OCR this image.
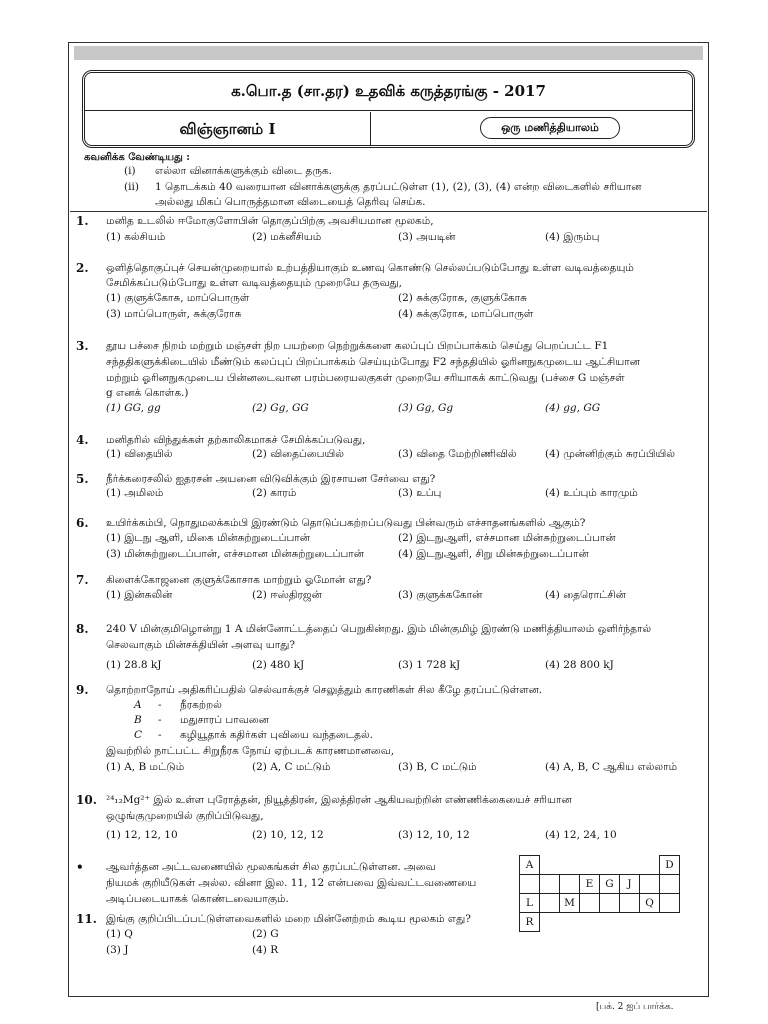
க.பொ.த (சா.தர) உதவிக் கருத்தரங்கு - 2017
விஞ்ஞானம் I	ஒரு மணித்தியாலம்
கவனிக்க வேண்டியது :
(i) எல்லா வினாக்களுக்கும் விடை தருக.
(ii) 1 தொடக்கம் 40 வரையான வினாக்களுக்கு தரப்பட்டுள்ள (1), (2), (3), (4) என்ற விடைகளில் சரியான
அல்லது மிகப் பொருத்தமான விடையைத் தெரிவு செய்க.
1. மனித உடலில் ஈமோகுளோபின் தொகுப்பிற்கு அவசியமான மூலகம்,
(1) கல்சியம்	(2) மக்னீசியம்	(3) அயடின்	(4) இரும்பு
2. ஒளித்தொகுப்புச் செயன்முறையால் உற்பத்தியாகும் உணவு கொண்டு செல்லப்படும்போது உள்ள வடிவத்தையும்
சேமிக்கப்படும்போது உள்ள வடிவத்தையும் முறையே தருவது,
(1) குளுக்கோசு, மாப்பொருள்	(2) சுக்குரோசு, குளுக்கோசு
(3) மாப்பொருள், சுக்குரோசு	(4) சுக்குரோசு, மாப்பொருள்
3. தூய பச்சை நிறம் மற்றும் மஞ்சள் நிற பயற்றை நெற்றுக்களை கலப்புப் பிறப்பாக்கம் செய்து பெறப்பட்ட F1
சந்ததிகளுக்கிடையில் மீண்டும் கலப்புப் பிறப்பாக்கம் செய்யும்போது F2 சந்ததியில் ஓரினநுகமுடைய ஆட்சியான
மற்றும் ஓரினநுகமுடைய பின்னடைவான பரம்பரையலகுகள் முறையே சரியாகக் காட்டுவது (பச்சை G மஞ்சள்
g எனக் கொள்க.)
(1) GG, gg	(2) Gg, GG	(3) Gg, Gg	(4) gg, GG
4. மனிதரில் விந்துக்கள் தற்காலிகமாகச் சேமிக்கப்படுவது,
(1) விதையில்	(2) விதைப்பையில்	(3) விதை மேற்றிணிவில்	(4) முன்னிற்கும் சுரப்பியில்
5. நீர்க்கரைசலில் ஐதரசன் அயனை விடுவிக்கும் இரசாயன சேர்வை எது?
(1) அமிலம்	(2) காரம்	(3) உப்பு	(4) உப்பும் காரமும்
6. உயிர்க்கம்பி, நொதுமலக்கம்பி இரண்டும் தொடுப்பகற்றப்படுவது பின்வரும் எச்சாதனங்களில் ஆகும்?
(1) இடநு ஆளி, மிகை மின்சுற்றுடைப்பான்	(2) இடநுஆளி, எச்சமான மின்சுற்றுடைப்பான்
(3) மின்சுற்றுடைப்பான், எச்சமான மின்சுற்றுடைப்பான்	(4) இடநுஆளி, சிறு மின்சுற்றுடைப்பான்
7. கிளைக்கோஜனை குளுக்கோசாக மாற்றும் ஓமோன் எது?
(1) இன்சுலின்	(2) ஈஸ்திரஜன்	(3) குளுக்ககோன்	(4) தைரொட்சின்
8. 240 V மின்குமிழொன்று 1 A மின்னோட்டத்தைப் பெறுகின்றது. இம் மின்குமிழ் இரண்டு மணித்தியாலம் ஒளிர்ந்தால்
செலவாகும் மின்சக்தியின் அளவு யாது?
(1) 28.8 kJ	(2) 480 kJ	(3) 1 728 kJ	(4) 28 800 kJ
9. தொற்றாநோய் அதிகரிப்பதில் செல்வாக்குச் செலுத்தும் காரணிகள் சில கீழே தரப்பட்டுள்ளன.
A - நீரகற்றல்
B - மதுசாரப் பாவனை
C - கழியூதாக் கதிர்கள் புவியை வந்தடைதல்.
இவற்றில் நாட்பட்ட சிறுநீரக நோய் ஏற்படக் காரணமானவை,
(1) A, B மட்டும்	(2) A, C மட்டும்	(3) B, C மட்டும்	(4) A, B, C ஆகிய எல்லாம்
10. ²⁴₁₂Mg²⁺ இல் உள்ள புரோத்தன், நியூத்திரன், இலத்திரன் ஆகியவற்றின் எண்ணிக்கையைச் சரியான
ஒழுங்குமுறையில் குறிப்பிடுவது,
(1) 12, 12, 10	(2) 10, 12, 12	(3) 12, 10, 12	(4) 12, 24, 10
• ஆவர்த்தன அட்டவணையில் மூலகங்கள் சில தரப்பட்டுள்ளன. அவை
நியமக் குறியீடுகள் அல்ல. வினா இல. 11, 12 என்பவை இவ்வட்டவணையை
அடிப்படையாகக் கொண்டவையாகும்.
11. இங்கு குறிப்பிடப்பட்டுள்ளவைகளில் மறை மின்னேற்றம் கூடிய மூலகம் எது?
(1) Q	(2) G
(3) J	(4) R
A							D
			E	G	J		
L		M				Q	
R							
[பக். 2 ஐப் பார்க்க.
